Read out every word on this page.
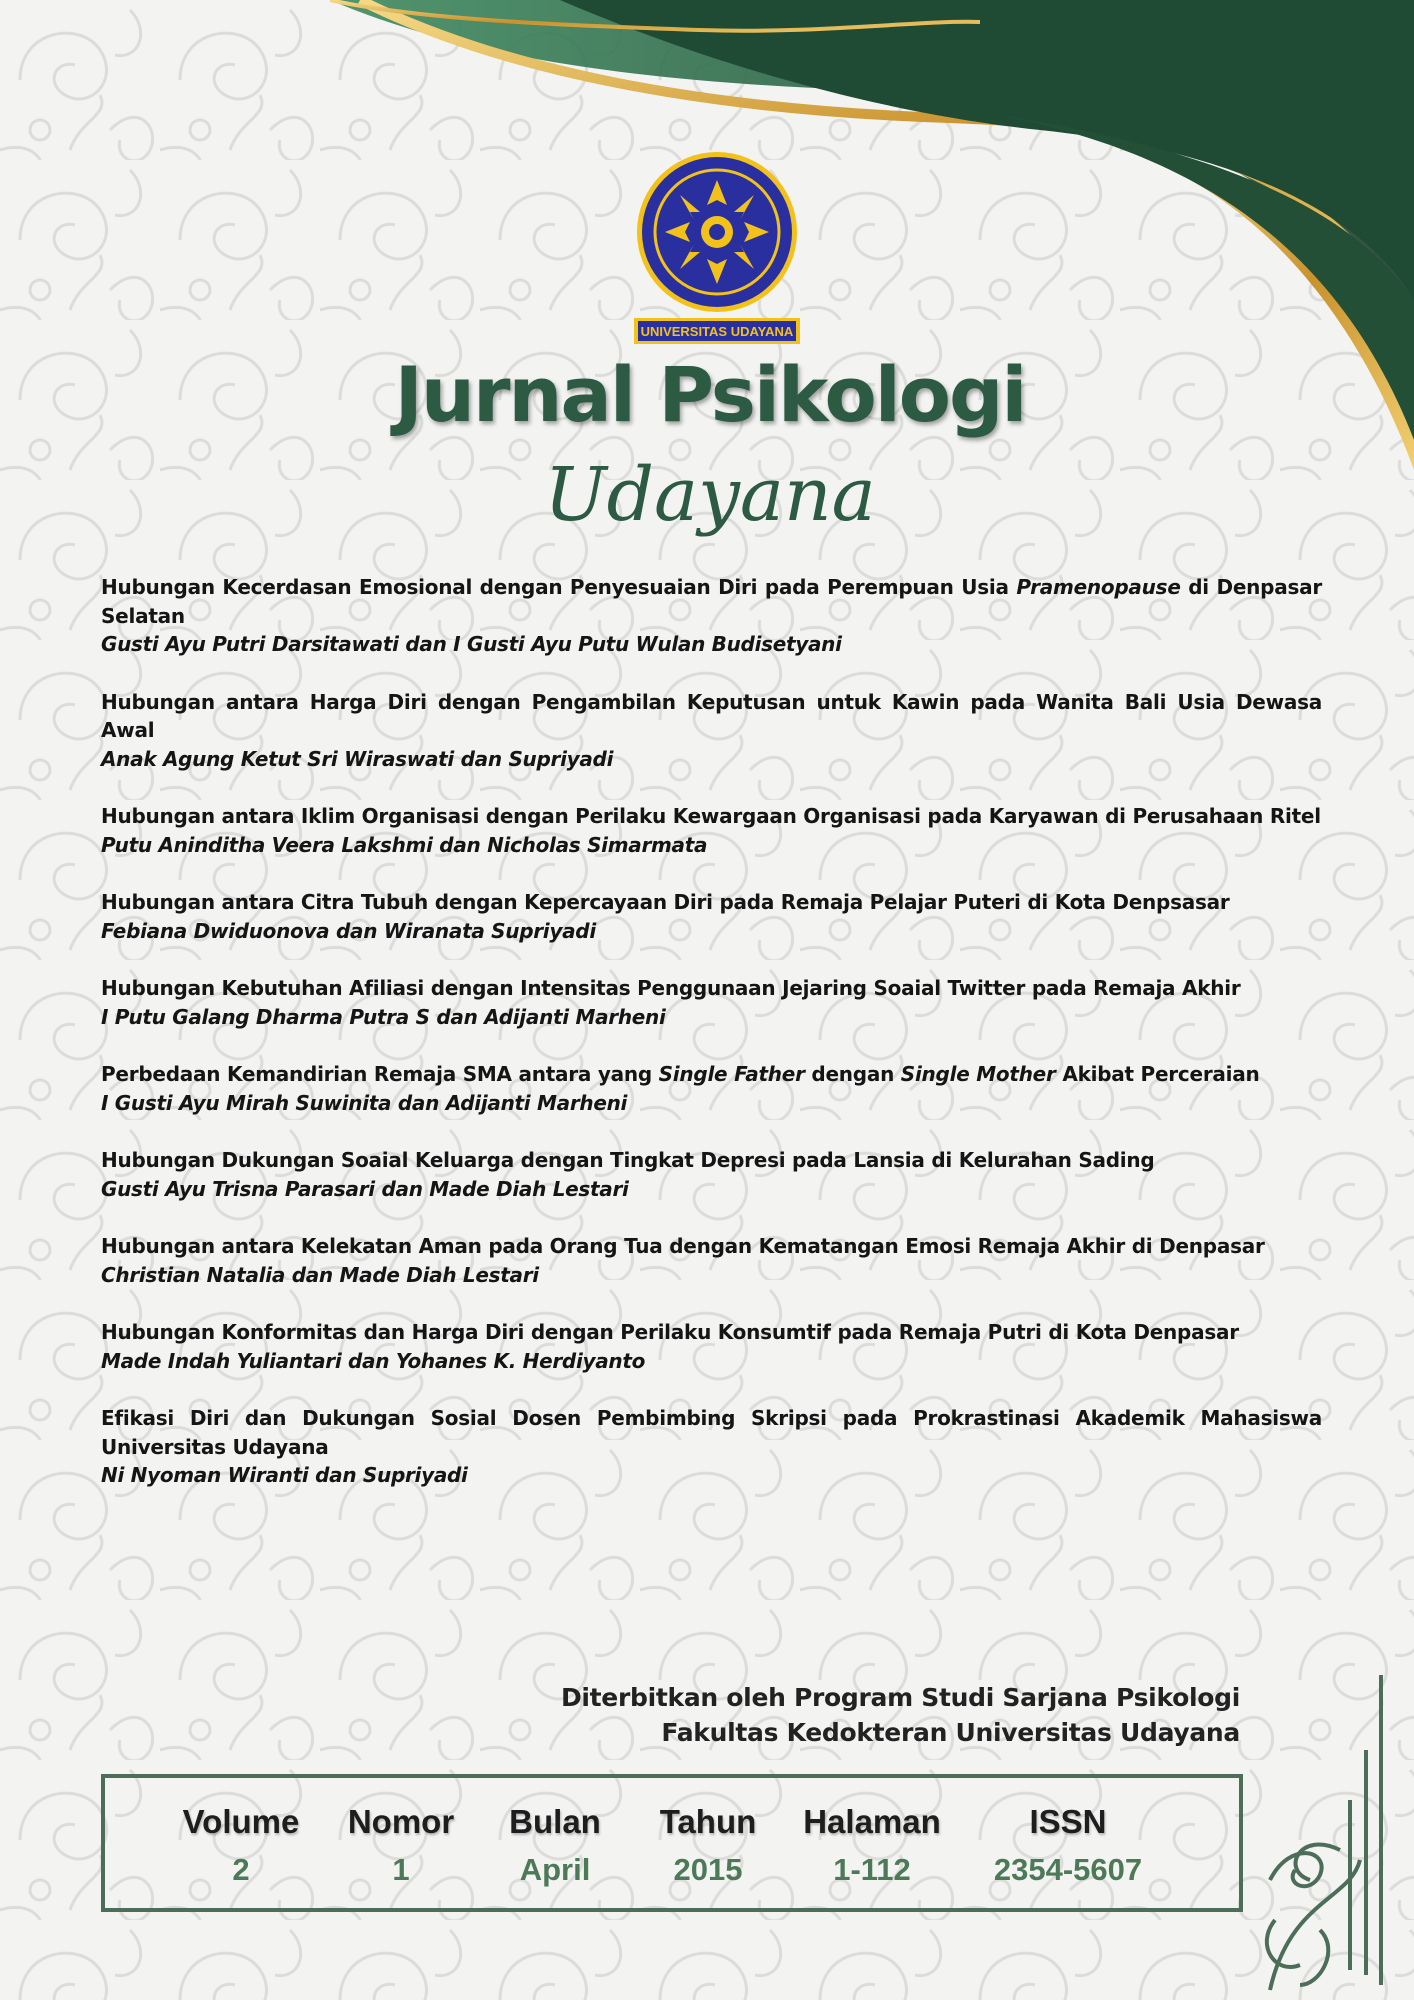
UNIVERSITAS UDAYANA
Jurnal Psikologi
Udayana
Hubungan Kecerdasan Emosional dengan Penyesuaian Diri pada Perempuan Usia Pramenopause di Denpasar Selatan
Gusti Ayu Putri Darsitawati dan I Gusti Ayu Putu Wulan Budisetyani
Hubungan antara Harga Diri dengan Pengambilan Keputusan untuk Kawin pada Wanita Bali Usia Dewasa Awal
Anak Agung Ketut Sri Wiraswati dan Supriyadi
Hubungan antara Iklim Organisasi dengan Perilaku Kewargaan Organisasi pada Karyawan di Perusahaan Ritel
Putu Aninditha Veera Lakshmi dan Nicholas Simarmata
Hubungan antara Citra Tubuh dengan Kepercayaan Diri pada Remaja Pelajar Puteri di Kota Denpsasar
Febiana Dwiduonova dan Wiranata Supriyadi
Hubungan Kebutuhan Afiliasi dengan Intensitas Penggunaan Jejaring Soaial Twitter pada Remaja Akhir
I Putu Galang Dharma Putra S dan Adijanti Marheni
Perbedaan Kemandirian Remaja SMA antara yang Single Father dengan Single Mother Akibat Perceraian
I Gusti Ayu Mirah Suwinita dan Adijanti Marheni
Hubungan Dukungan Soaial Keluarga dengan Tingkat Depresi pada Lansia di Kelurahan Sading
Gusti Ayu Trisna Parasari dan Made Diah Lestari
Hubungan antara Kelekatan Aman pada Orang Tua dengan Kematangan Emosi Remaja Akhir di Denpasar
Christian Natalia dan Made Diah Lestari
Hubungan Konformitas dan Harga Diri dengan Perilaku Konsumtif pada Remaja Putri di Kota Denpasar
Made Indah Yuliantari dan Yohanes K. Herdiyanto
Efikasi Diri dan Dukungan Sosial Dosen Pembimbing Skripsi pada Prokrastinasi Akademik Mahasiswa Universitas Udayana
Ni Nyoman Wiranti dan Supriyadi
Diterbitkan oleh Program Studi Sarjana Psikologi
Fakultas Kedokteran Universitas Udayana
Volume
2
Nomor
1
Bulan
April
Tahun
2015
Halaman
1-112
ISSN
2354-5607
